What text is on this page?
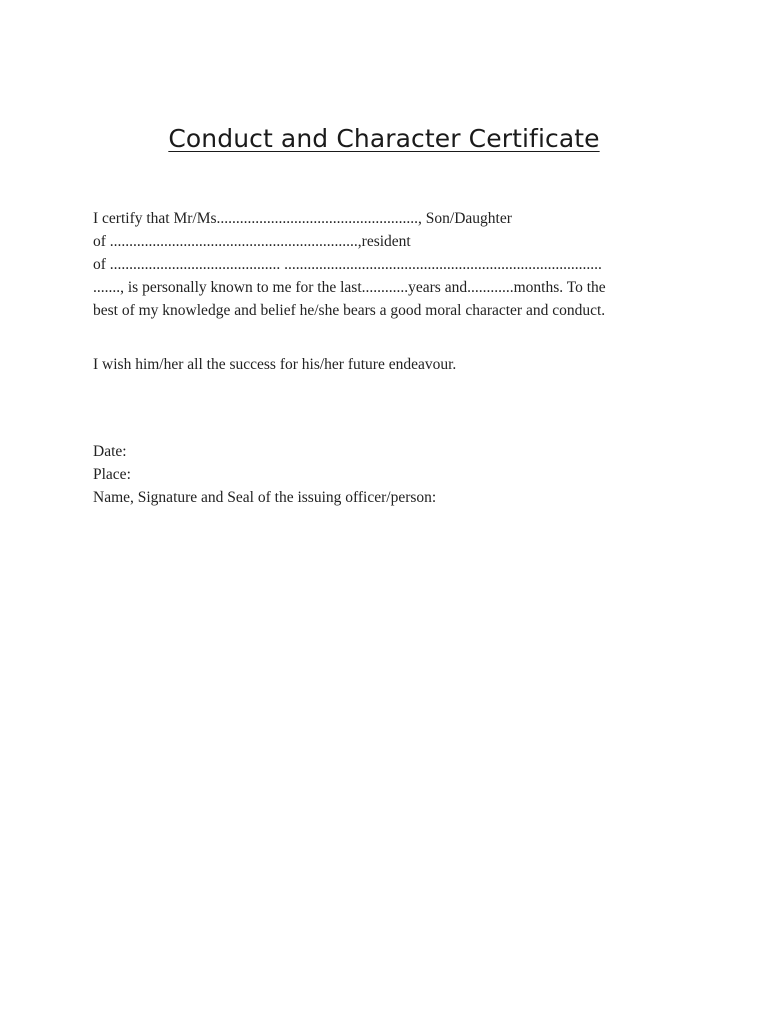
Conduct and Character Certificate
I certify that Mr/Ms...................................................., Son/Daughter
of ................................................................,resident
of ............................................ ..................................................................................
......., is personally known to me for the last............years and............months. To the
best of my knowledge and belief he/she bears a good moral character and conduct.
I wish him/her all the success for his/her future endeavour.
Date:
Place:
Name, Signature and Seal of the issuing officer/person:
